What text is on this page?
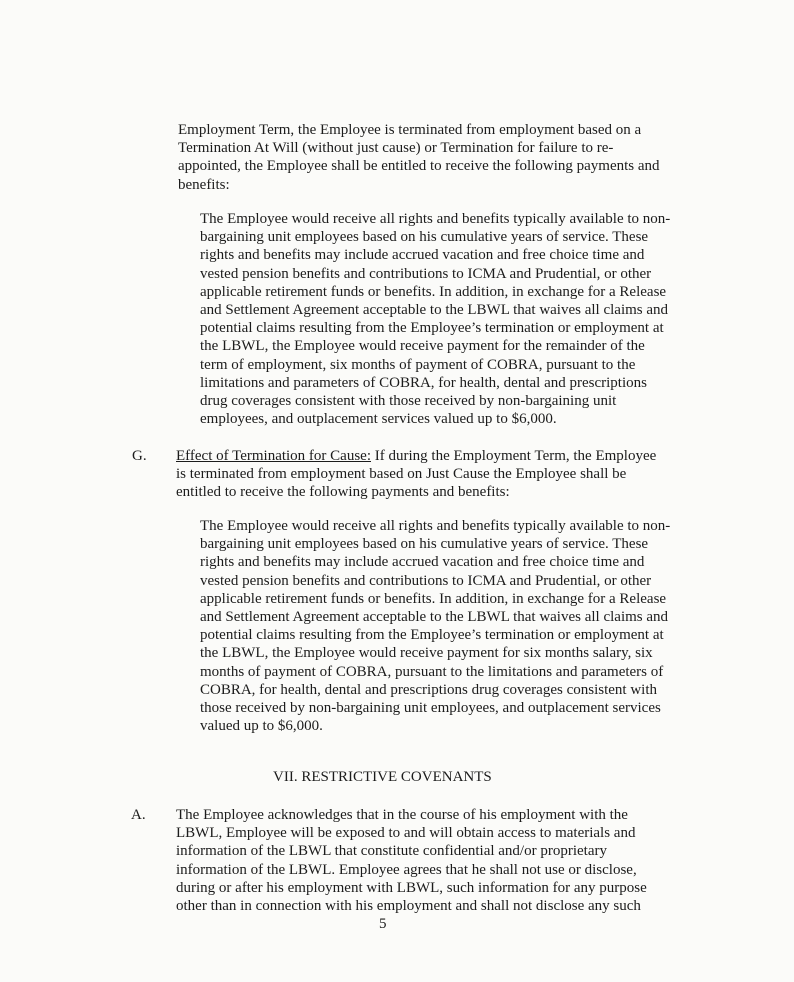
Employment Term, the Employee is terminated from employment based on a
Termination At Will (without just cause) or Termination for failure to re-
appointed, the Employee shall be entitled to receive the following payments and
benefits:
The Employee would receive all rights and benefits typically available to non-
bargaining unit employees based on his cumulative years of service. These
rights and benefits may include accrued vacation and free choice time and
vested pension benefits and contributions to ICMA and Prudential, or other
applicable retirement funds or benefits. In addition, in exchange for a Release
and Settlement Agreement acceptable to the LBWL that waives all claims and
potential claims resulting from the Employee’s termination or employment at
the LBWL, the Employee would receive payment for the remainder of the
term of employment, six months of payment of COBRA, pursuant to the
limitations and parameters of COBRA, for health, dental and prescriptions
drug coverages consistent with those received by non-bargaining unit
employees, and outplacement services valued up to $6,000.
G. Effect of Termination for Cause: If during the Employment Term, the Employee
is terminated from employment based on Just Cause the Employee shall be
entitled to receive the following payments and benefits:
The Employee would receive all rights and benefits typically available to non-
bargaining unit employees based on his cumulative years of service. These
rights and benefits may include accrued vacation and free choice time and
vested pension benefits and contributions to ICMA and Prudential, or other
applicable retirement funds or benefits. In addition, in exchange for a Release
and Settlement Agreement acceptable to the LBWL that waives all claims and
potential claims resulting from the Employee’s termination or employment at
the LBWL, the Employee would receive payment for six months salary, six
months of payment of COBRA, pursuant to the limitations and parameters of
COBRA, for health, dental and prescriptions drug coverages consistent with
those received by non-bargaining unit employees, and outplacement services
valued up to $6,000.
VII. RESTRICTIVE COVENANTS
A. The Employee acknowledges that in the course of his employment with the
LBWL, Employee will be exposed to and will obtain access to materials and
information of the LBWL that constitute confidential and/or proprietary
information of the LBWL. Employee agrees that he shall not use or disclose,
during or after his employment with LBWL, such information for any purpose
other than in connection with his employment and shall not disclose any such
5
